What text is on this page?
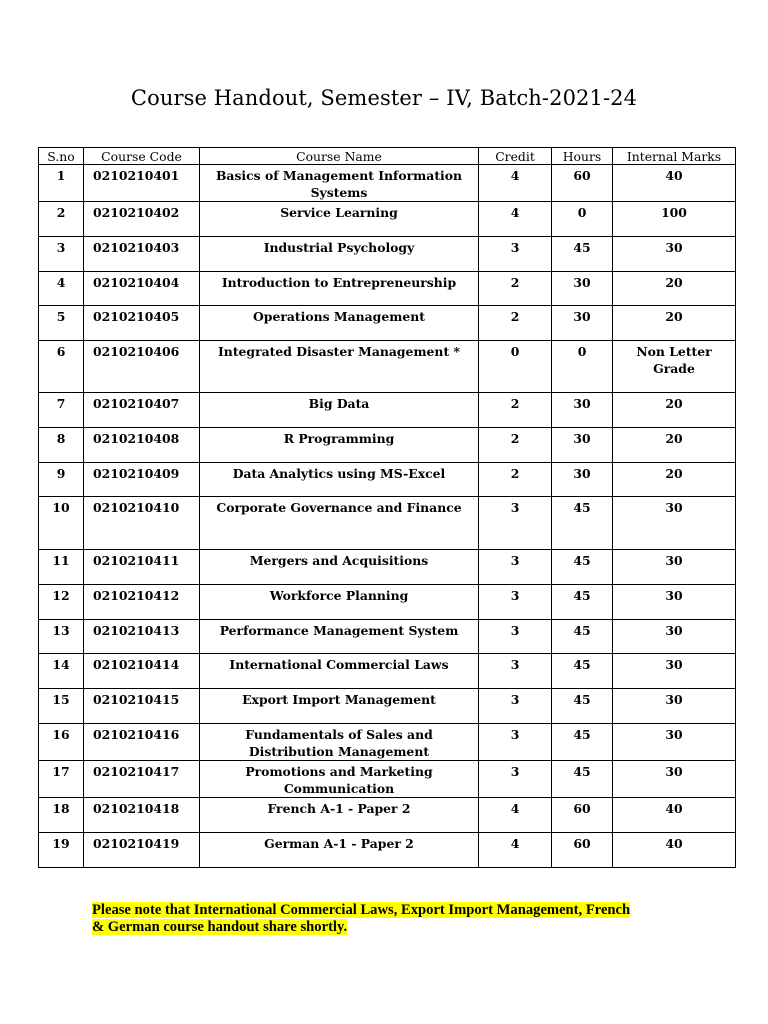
Course Handout, Semester – IV, Batch-2021-24
S.no	Course Code	Course Name	Credit	Hours	Internal Marks
1	0210210401	Basics of Management Information Systems	4	60	40
2	0210210402	Service Learning	4	0	100
3	0210210403	Industrial Psychology	3	45	30
4	0210210404	Introduction to Entrepreneurship	2	30	20
5	0210210405	Operations Management	2	30	20
6	0210210406	Integrated Disaster Management *	0	0	Non Letter Grade
7	0210210407	Big Data	2	30	20
8	0210210408	R Programming	2	30	20
9	0210210409	Data Analytics using MS-Excel	2	30	20
10	0210210410	Corporate Governance and Finance	3	45	30
11	0210210411	Mergers and Acquisitions	3	45	30
12	0210210412	Workforce Planning	3	45	30
13	0210210413	Performance Management System	3	45	30
14	0210210414	International Commercial Laws	3	45	30
15	0210210415	Export Import Management	3	45	30
16	0210210416	Fundamentals of Sales and Distribution Management	3	45	30
17	0210210417	Promotions and Marketing Communication	3	45	30
18	0210210418	French A-1 - Paper 2	4	60	40
19	0210210419	German A-1 - Paper 2	4	60	40
Please note that International Commercial Laws, Export Import Management, French
& German course handout share shortly.
